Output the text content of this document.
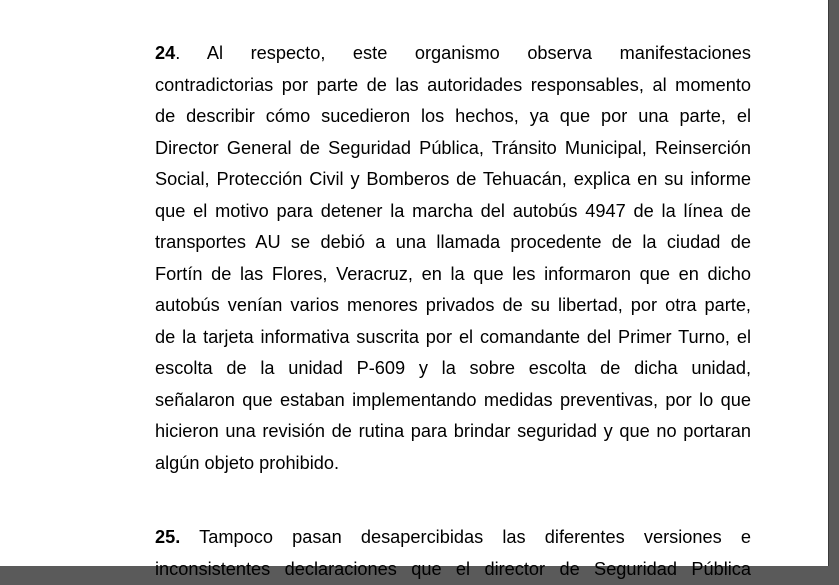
24. Al respecto, este organismo observa manifestaciones
contradictorias por parte de las autoridades responsables, al momento
de describir cómo sucedieron los hechos, ya que por una parte, el
Director General de Seguridad Pública, Tránsito Municipal, Reinserción
Social, Protección Civil y Bomberos de Tehuacán, explica en su informe
que el motivo para detener la marcha del autobús 4947 de la línea de
transportes AU se debió a una llamada procedente de la ciudad de
Fortín de las Flores, Veracruz, en la que les informaron que en dicho
autobús venían varios menores privados de su libertad, por otra parte,
de la tarjeta informativa suscrita por el comandante del Primer Turno, el
escolta de la unidad P-609 y la sobre escolta de dicha unidad,
señalaron que estaban implementando medidas preventivas, por lo que
hicieron una revisión de rutina para brindar seguridad y que no portaran
algún objeto prohibido.
25. Tampoco pasan desapercibidas las diferentes versiones e
inconsistentes declaraciones que el director de Seguridad Pública
